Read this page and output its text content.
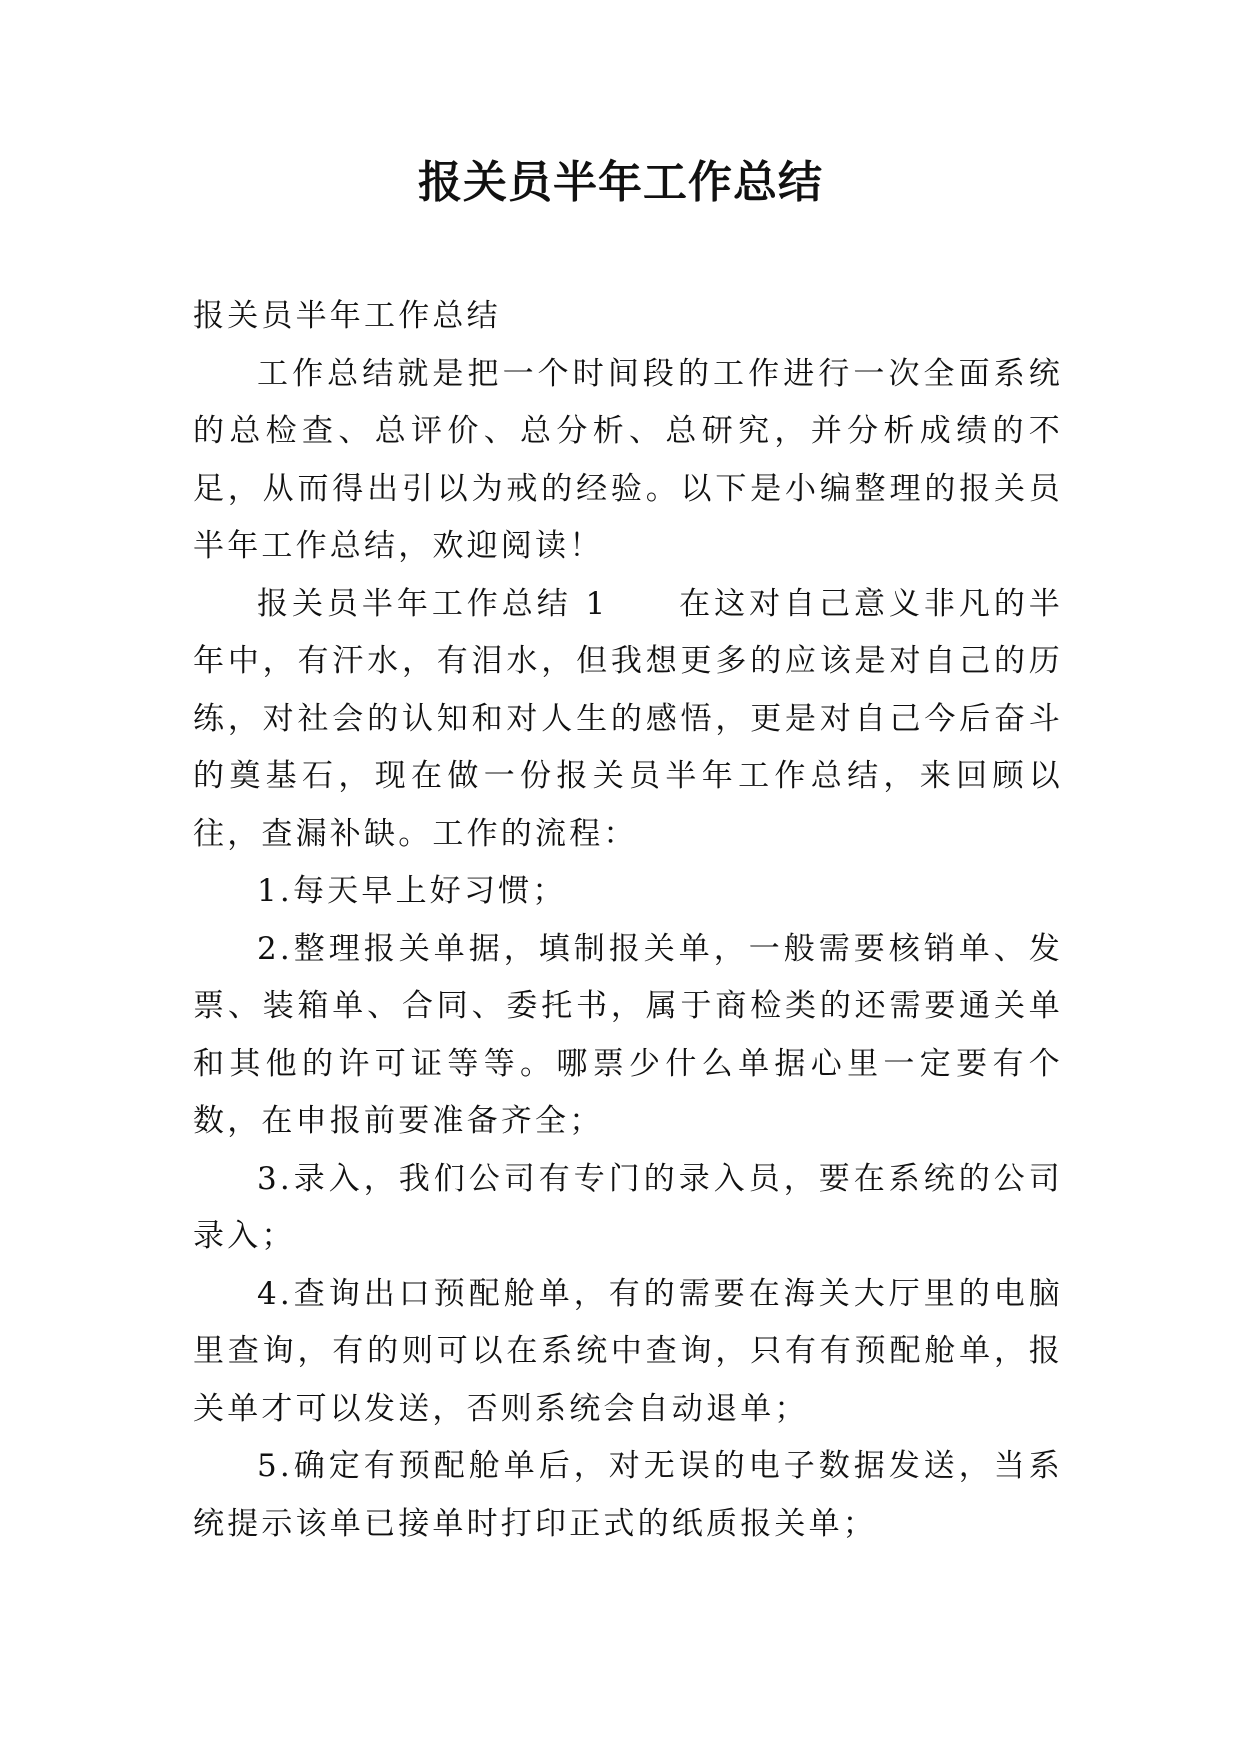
报关员半年工作总结

报关员半年工作总结

工作总结就是把一个时间段的工作进行一次全面系统的总检查、总评价、总分析、总研究，并分析成绩的不足，从而得出引以为戒的经验。以下是小编整理的报关员半年工作总结，欢迎阅读！

报关员半年工作总结 1　　在这对自己意义非凡的半年中，有汗水，有泪水，但我想更多的应该是对自己的历练，对社会的认知和对人生的感悟，更是对自己今后奋斗的奠基石，现在做一份报关员半年工作总结，来回顾以往，查漏补缺。工作的流程：

1.每天早上好习惯；

2.整理报关单据，填制报关单，一般需要核销单、发票、装箱单、合同、委托书，属于商检类的还需要通关单和其他的许可证等等。哪票少什么单据心里一定要有个数，在申报前要准备齐全；

3.录入，我们公司有专门的录入员，要在系统的公司录入；

4.查询出口预配舱单，有的需要在海关大厅里的电脑里查询，有的则可以在系统中查询，只有有预配舱单，报关单才可以发送，否则系统会自动退单；

5.确定有预配舱单后，对无误的电子数据发送，当系统提示该单已接单时打印正式的纸质报关单；
